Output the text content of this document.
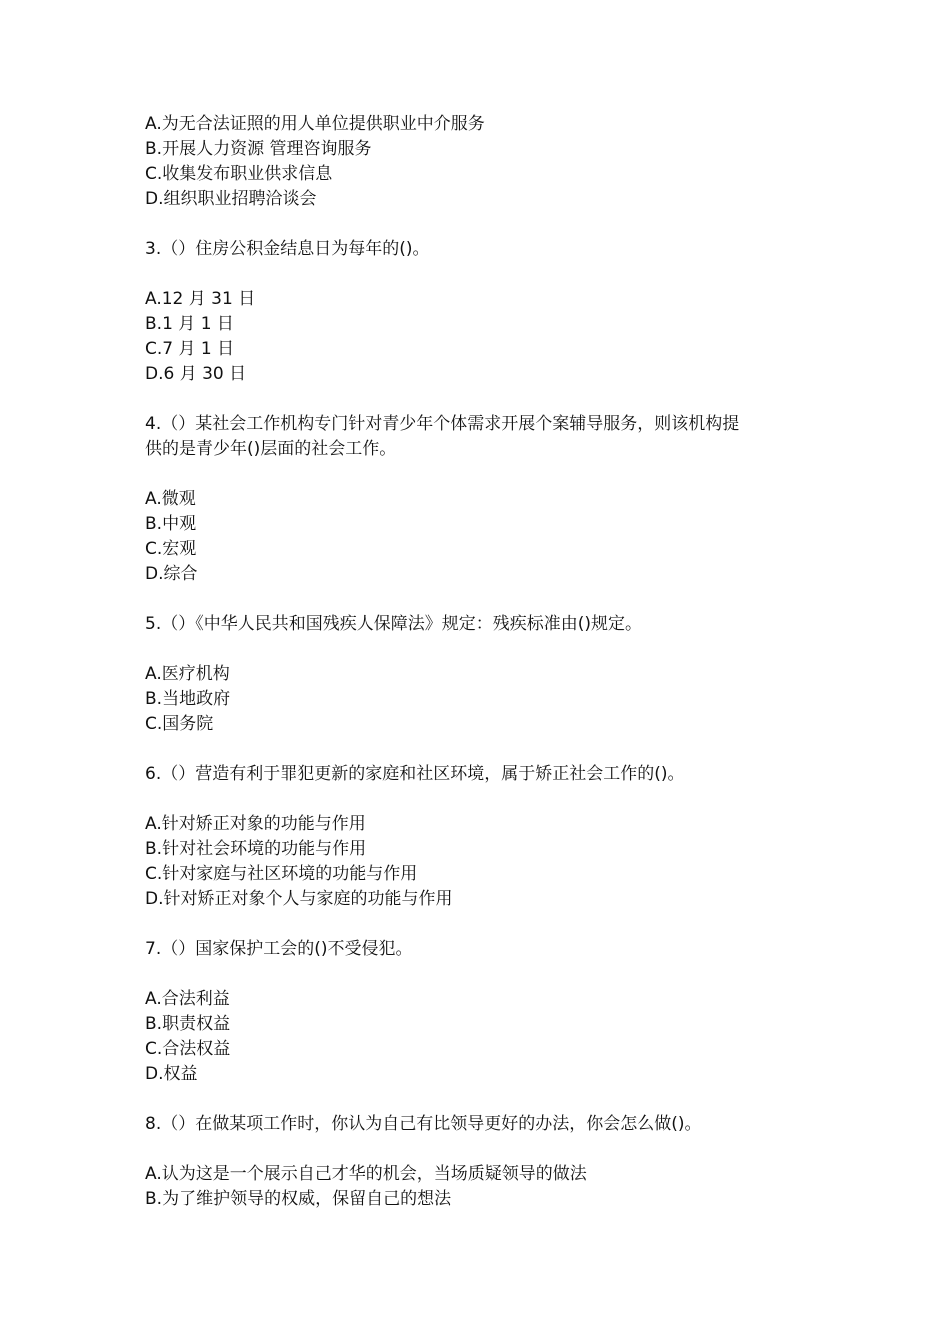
A.为无合法证照的用人单位提供职业中介服务
B.开展人力资源 管理咨询服务
C.收集发布职业供求信息
D.组织职业招聘洽谈会
3.（）住房公积金结息日为每年的()。
A.12 月 31 日
B.1 月 1 日
C.7 月 1 日
D.6 月 30 日
4.（）某社会工作机构专门针对青少年个体需求开展个案辅导服务，则该机构提
供的是青少年()层面的社会工作。
A.微观
B.中观
C.宏观
D.综合
5.（）《中华人民共和国残疾人保障法》规定：残疾标准由()规定。
A.医疗机构
B.当地政府
C.国务院
6.（）营造有利于罪犯更新的家庭和社区环境，属于矫正社会工作的()。
A.针对矫正对象的功能与作用
B.针对社会环境的功能与作用
C.针对家庭与社区环境的功能与作用
D.针对矫正对象个人与家庭的功能与作用
7.（）国家保护工会的()不受侵犯。
A.合法利益
B.职责权益
C.合法权益
D.权益
8.（）在做某项工作时，你认为自己有比领导更好的办法，你会怎么做()。
A.认为这是一个展示自己才华的机会，当场质疑领导的做法
B.为了维护领导的权威，保留自己的想法
